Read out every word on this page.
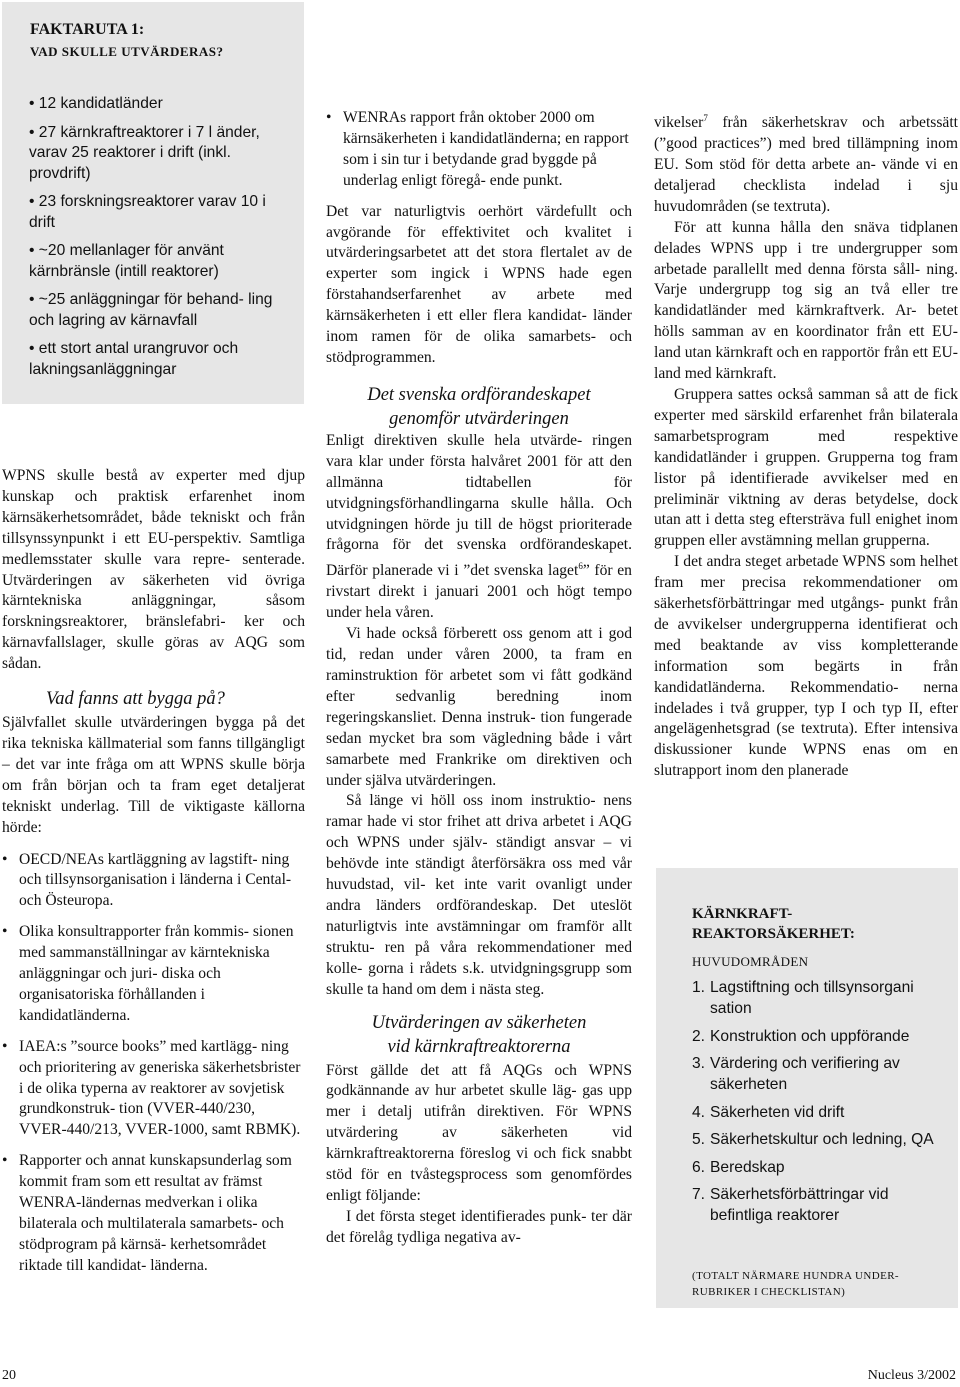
FAKTARUTA 1:
VAD SKULLE UTVÄRDERAS?
• 12 kandidatländer
• 27 kärnkraftreaktorer i 7 l änder, varav 25 reaktorer i drift (inkl. provdrift)
• 23 forskningsreaktorer varav 10 i drift
• ~20 mellanlager för använt kärnbränsle (intill reaktorer)
• ~25 anläggningar för behand- ling och lagring av kärnavfall
• ett stort antal urangruvor och lakningsanläggningar

WPNS skulle bestå av experter med djup kunskap och praktisk erfarenhet inom kärnsäkerhetsområdet, både tekniskt och från tillsynssynpunkt i ett EU-perspektiv. Samtliga medlemsstater skulle vara repre- senterade. Utvärderingen av säkerheten vid övriga kärntekniska anläggningar, såsom forskningsreaktorer, bränslefabri- ker och kärnavfallslager, skulle göras av AQG som sådan.

Vad fanns att bygga på?

Självfallet skulle utvärderingen bygga på det rika tekniska källmaterial som fanns tillgängligt – det var inte fråga om att WPNS skulle börja om från början och ta fram eget detaljerat tekniskt underlag. Till de viktigaste källorna hörde:

• OECD/NEAs kartläggning av lagstift- ning och tillsynsorganisation i länderna i Cental- och Östeuropa.
• Olika konsultrapporter från kommis- sionen med sammanställningar av kärntekniska anläggningar och juri- diska och organisatoriska förhållanden i kandidatländerna.
• IAEA:s ”source books” med kartlägg- ning och prioritering av generiska säkerhetsbrister i de olika typerna av reaktorer av sovjetisk grundkonstruk- tion (VVER-440/230, VVER-440/213, VVER-1000, samt RBMK).
• Rapporter och annat kunskapsunderlag som kommit fram som ett resultat av främst WENRA-ländernas medverkan i olika bilaterala och multilaterala samarbets- och stödprogram på kärnsä- kerhetsområdet riktade till kandidat- länderna.
• WENRAs rapport från oktober 2000 om kärnsäkerheten i kandidatländerna; en rapport som i sin tur i betydande grad byggde på underlag enligt föregå- ende punkt.

Det var naturligtvis oerhört värdefullt och avgörande för effektivitet och kvalitet i utvärderingsarbetet att det stora flertalet av de experter som ingick i WPNS hade egen förstahandserfarenhet av arbete med kärnsäkerheten i ett eller flera kandidat- länder inom ramen för de olika samarbets- och stödprogrammen.

Det svenska ordförandeskapet
genomför utvärderingen

Enligt direktiven skulle hela utvärde- ringen vara klar under första halvåret 2001 för att den allmänna tidtabellen för utvidgningsförhandlingarna skulle hålla. Och utvidgningen hörde ju till de högst prioriterade frågorna för det svenska ordförandeskapet. Därför planerade vi i ”det svenska laget$^6$” för en rivstart direkt i januari 2001 och högt tempo under hela våren.

Vi hade också förberett oss genom att i god tid, redan under våren 2000, ta fram en raminstruktion för arbetet som vi fått godkänd efter sedvanlig beredning inom regeringskansliet. Denna instruk- tion fungerade sedan mycket bra som vägledning både i vårt samarbete med Frankrike om direktiven och under själva utvärderingen.

Så länge vi höll oss inom instruktio- nens ramar hade vi stor frihet att driva arbetet i AQG och WPNS under själv- ständigt ansvar – vi behövde inte ständigt återförsäkra oss med vår huvudstad, vil- ket inte varit ovanligt under andra länders ordförandeskap. Det uteslöt naturligtvis inte avstämningar om framför allt struktu- ren på våra rekommendationer med kolle- gorna i rådets s.k. utvidgningsgrupp som skulle ta hand om dem i nästa steg.

Utvärderingen av säkerheten
vid kärnkraftreaktorerna

Först gällde det att få AQGs och WPNS godkännande av hur arbetet skulle läg- gas upp mer i detalj utifrån direktiven. För WPNS utvärdering av säkerheten vid kärnkraftreaktorerna föreslog vi och fick snabbt stöd för en tvåstegsprocess som genomfördes enligt följande:

I det första steget identifierades punk- ter där det förelåg tydliga negativa av-

vikelser$^7$ från säkerhetskrav och arbetssätt (”good practices”) med bred tillämpning inom EU. Som stöd för detta arbete an- vände vi en detaljerad checklista indelad i sju huvudområden (se textruta).

För att kunna hålla den snäva tidplanen delades WPNS upp i tre undergrupper som arbetade parallellt med denna första såll- ning. Varje undergrupp tog sig an två eller tre kandidatländer med kärnkraftverk. Ar- betet hölls samman av en koordinator från ett EU-land utan kärnkraft och en rapportör från ett EU-land med kärnkraft.

Gruppera sattes också samman så att de fick experter med särskild erfarenhet från bilaterala samarbetsprogram med respektive kandidatländer i gruppen. Grupperna tog fram listor på identifierade avvikelser med en preliminär viktning av deras betydelse, dock utan att i detta steg eftersträva full enighet inom gruppen eller avstämning mellan grupperna.

I det andra steget arbetade WPNS som helhet fram mer precisa rekommendationer om säkerhetsförbättringar med utgångs- punkt från de avvikelser undergrupperna identifierat och med beaktande av viss kompletterande information som begärts in från kandidatländerna. Rekommendatio- nerna indelades i två grupper, typ I och typ II, efter angelägenhetsgrad (se textruta). Efter intensiva diskussioner kunde WPNS enas om en slutrapport inom den planerade

KÄRNKRAFT-
REAKTORSÄKERHET:
HUVUDOMRÅDEN
1. Lagstiftning och tillsynsorgani sation
2. Konstruktion och uppförande
3. Värdering och verifiering av säkerheten
4. Säkerheten vid drift
5. Säkerhetskultur och ledning, QA
6. Beredskap
7. Säkerhetsförbättringar vid befintliga reaktorer
(TOTALT NÄRMARE HUNDRA UNDER-
RUBRIKER I CHECKLISTAN)
20	Nucleus 3/2002
